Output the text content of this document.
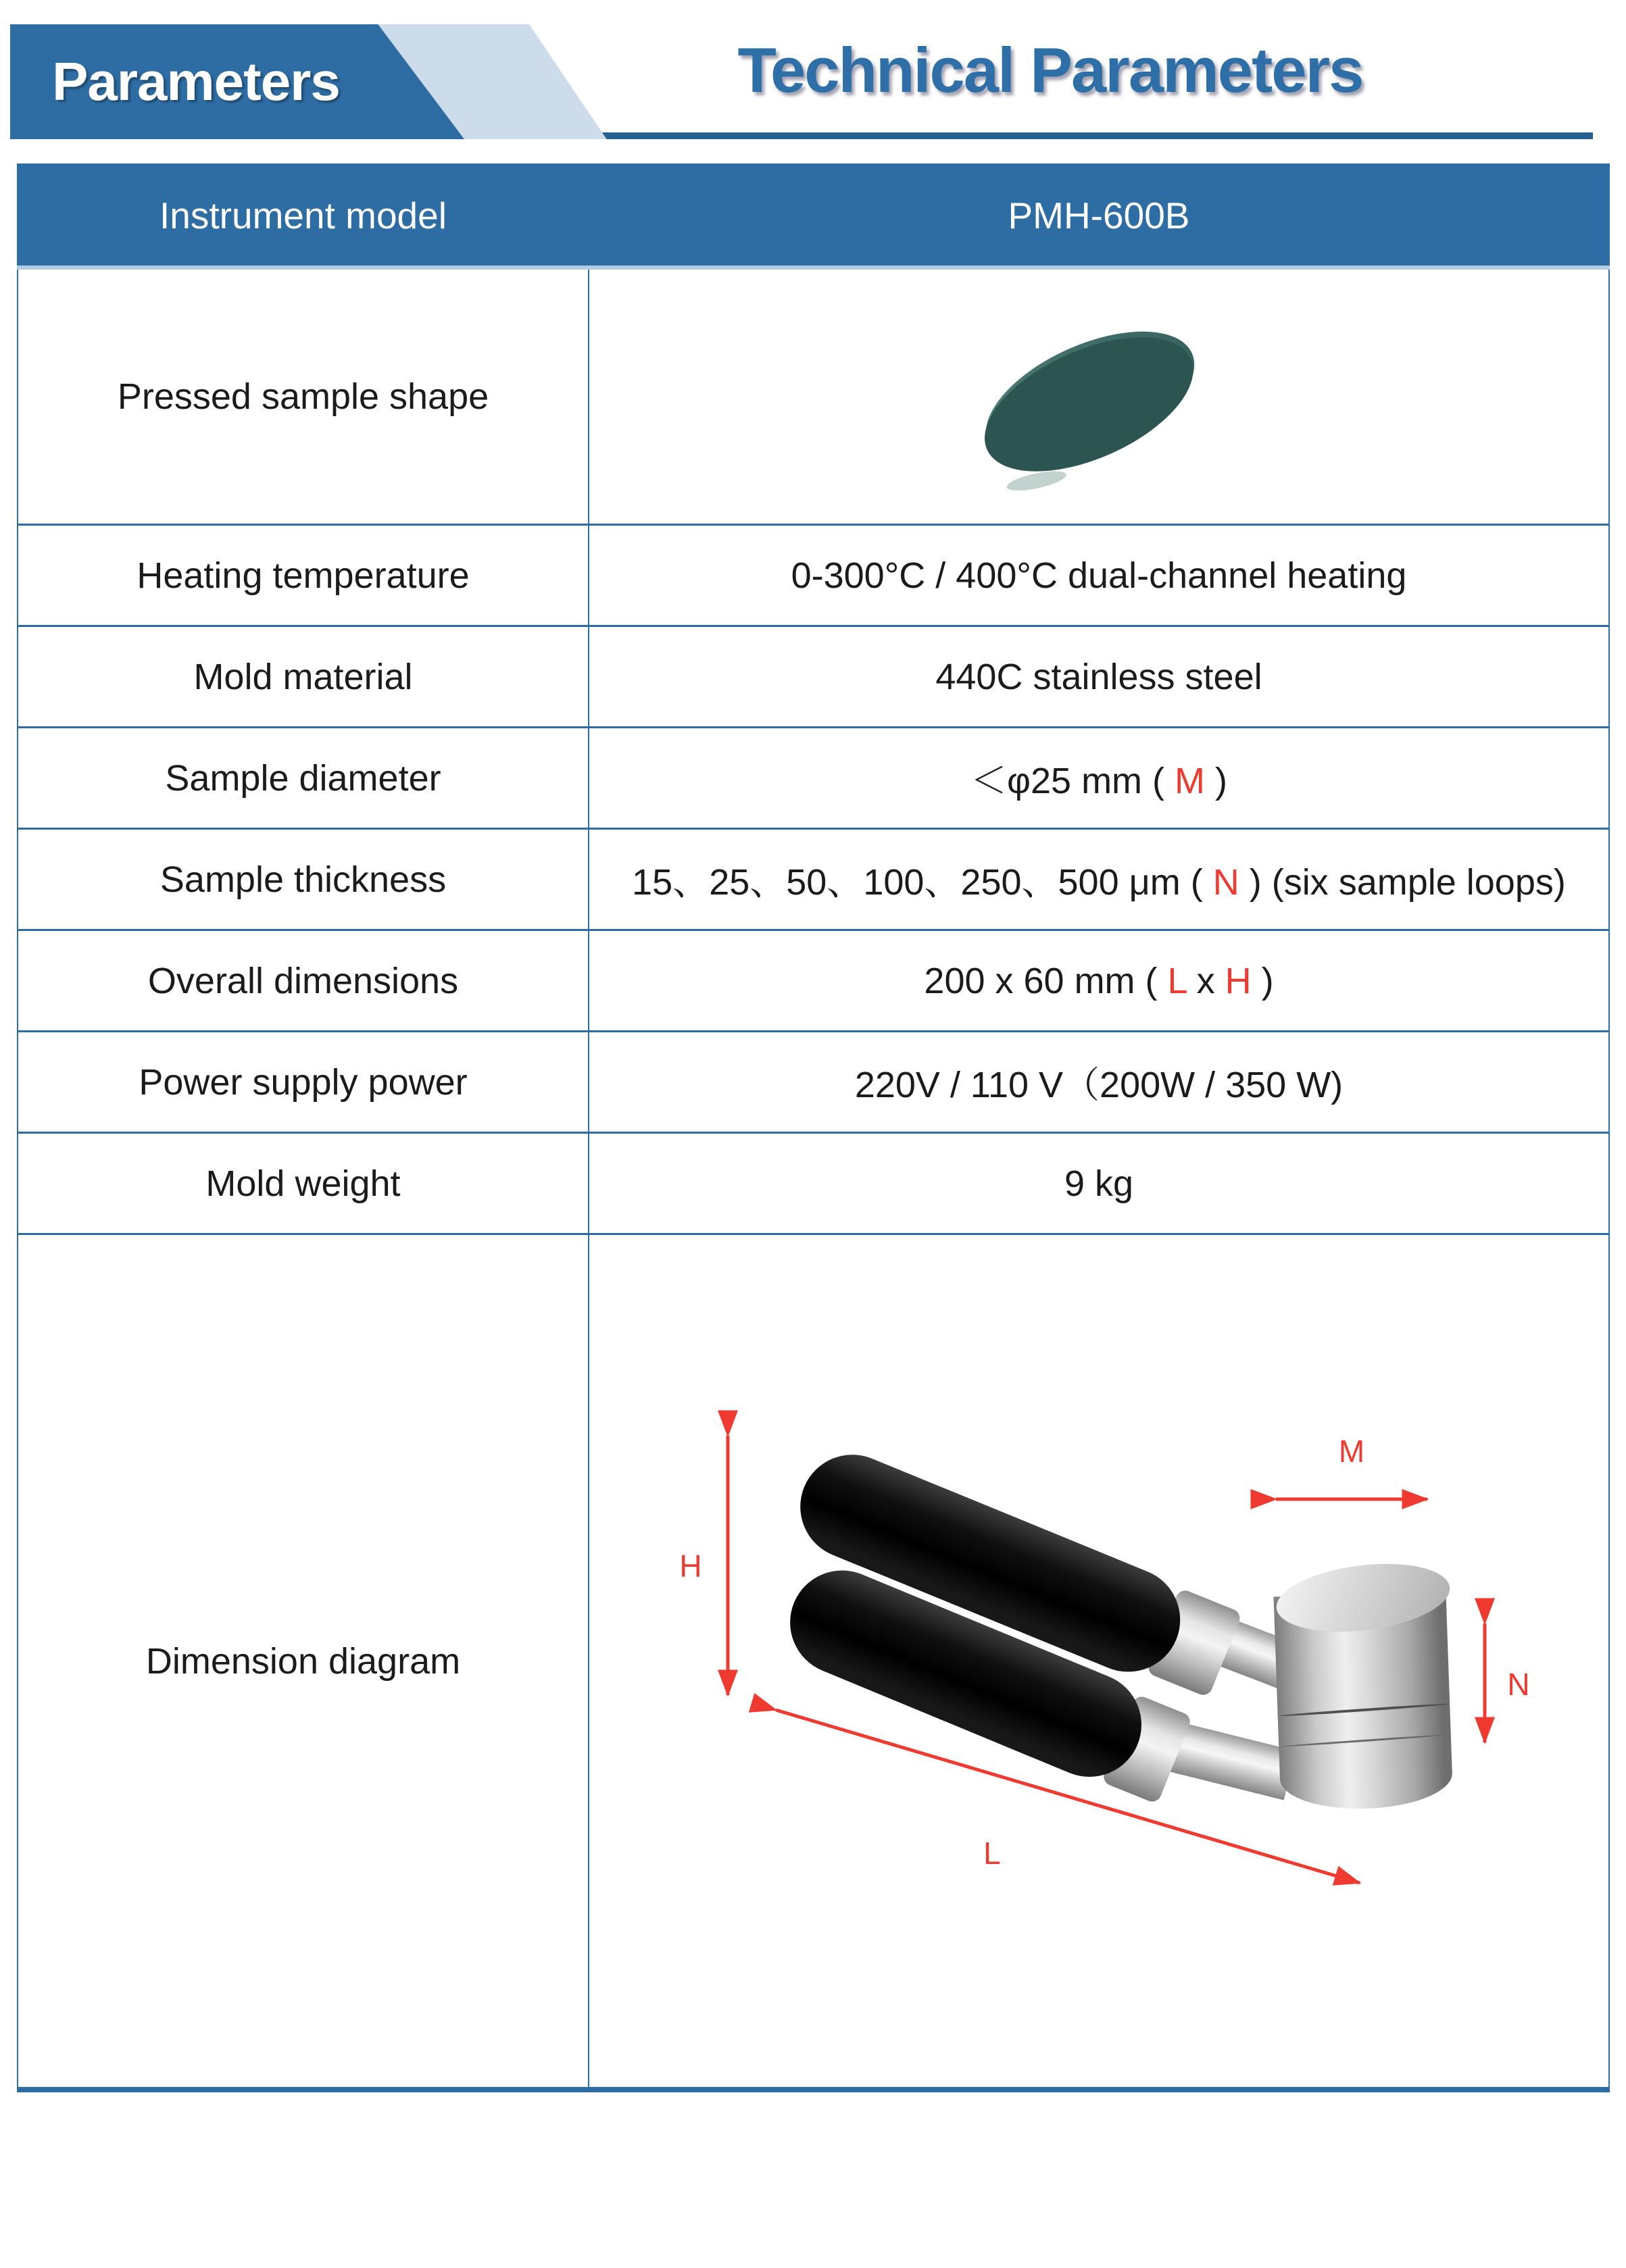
Parameters	Technical Parameters
Instrument model	PMH-600B
Pressed sample shape	

Heating temperature	0-300°C / 400°C dual-channel heating
Mold material	440C stainless steel
Sample diameter	＜φ25 mm ( M )
Sample thickness	15、25、50、100、250、500 μm ( N ) (six sample loops)
Overall dimensions	200 x 60 mm ( L x H )
Power supply power	220V / 110 V（200W / 350 W)
Mold weight	9 kg
Dimension diagram	H
M
N
L
